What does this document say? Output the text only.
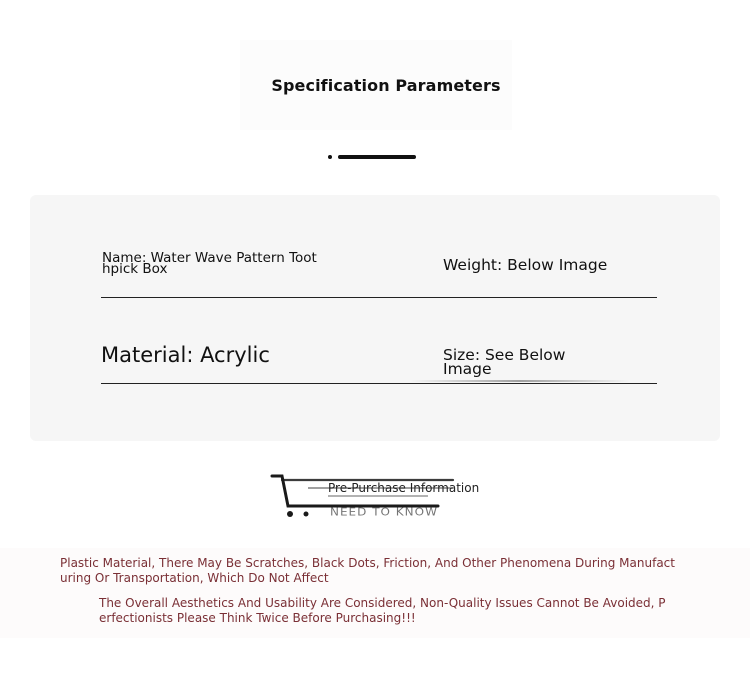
Specification Parameters
Name: Water Wave Pattern Toothpick Box	Weight: Below Image
Material: Acrylic	Size: See Below Image
NEED TO KNOW
Pre-Purchase Information
Plastic Material, There May Be Scratches, Black Dots, Friction, And Other Phenomena During Manufacturing Or Transportation, Which Do Not Affect
The Overall Aesthetics And Usability Are Considered, Non-Quality Issues Cannot Be Avoided, Perfectionists Please Think Twice Before Purchasing!!!
